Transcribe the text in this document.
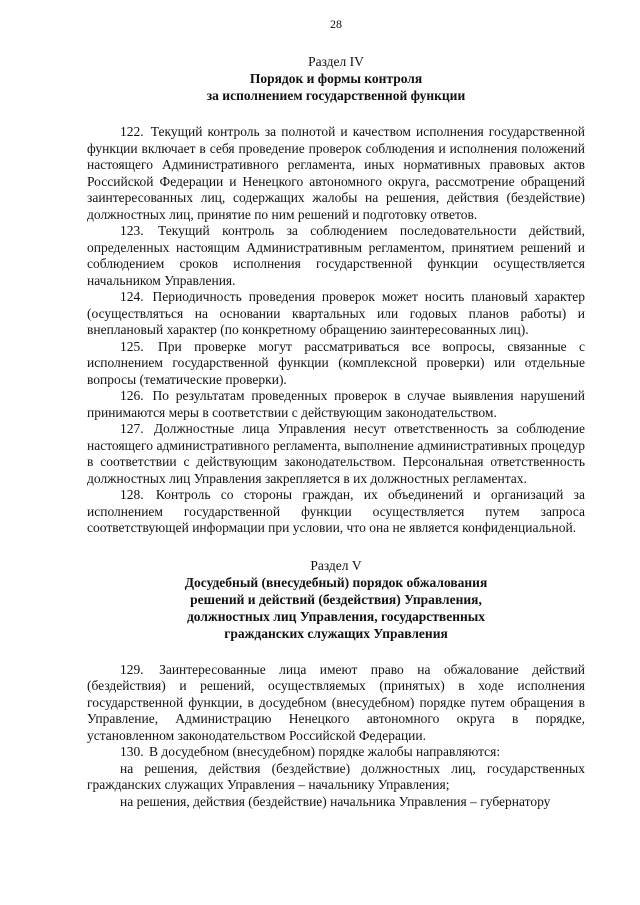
28
Раздел IV
Порядок и формы контроля
за исполнением государственной функции

122. Текущий контроль за полнотой и качеством исполнения государственной функции включает в себя проведение проверок соблюдения и исполнения положений настоящего Административного регламента, иных нормативных правовых актов Российской Федерации и Ненецкого автономного округа, рассмотрение обращений заинтересованных лиц, содержащих жалобы на решения, действия (бездействие) должностных лиц, принятие по ним решений и подготовку ответов.

123. Текущий контроль за соблюдением последовательности действий, определенных настоящим Административным регламентом, принятием решений и соблюдением сроков исполнения государственной функции осуществляется начальником Управления.

124. Периодичность проведения проверок может носить плановый характер (осуществляться на основании квартальных или годовых планов работы) и внеплановый характер (по конкретному обращению заинтересованных лиц).

125. При проверке могут рассматриваться все вопросы, связанные с исполнением государственной функции (комплексной проверки) или отдельные вопросы (тематические проверки).

126. По результатам проведенных проверок в случае выявления нарушений принимаются меры в соответствии с действующим законодательством.

127. Должностные лица Управления несут ответственность за соблюдение настоящего административного регламента, выполнение административных процедур в соответствии с действующим законодательством. Персональная ответственность должностных лиц Управления закрепляется в их должностных регламентах.

128. Контроль со стороны граждан, их объединений и организаций за исполнением государственной функции осуществляется путем запроса соответствующей информации при условии, что она не является конфиденциальной.

Раздел V
Досудебный (внесудебный) порядок обжалования
решений и действий (бездействия) Управления,
должностных лиц Управления, государственных
гражданских служащих Управления

129. Заинтересованные лица имеют право на обжалование действий (бездействия) и решений, осуществляемых (принятых) в ходе исполнения государственной функции, в досудебном (внесудебном) порядке путем обращения в Управление, Администрацию Ненецкого автономного округа в порядке, установленном законодательством Российской Федерации.

130. В досудебном (внесудебном) порядке жалобы направляются:

на решения, действия (бездействие) должностных лиц, государственных гражданских служащих Управления – начальнику Управления;

на решения, действия (бездействие) начальника Управления – губернатору
